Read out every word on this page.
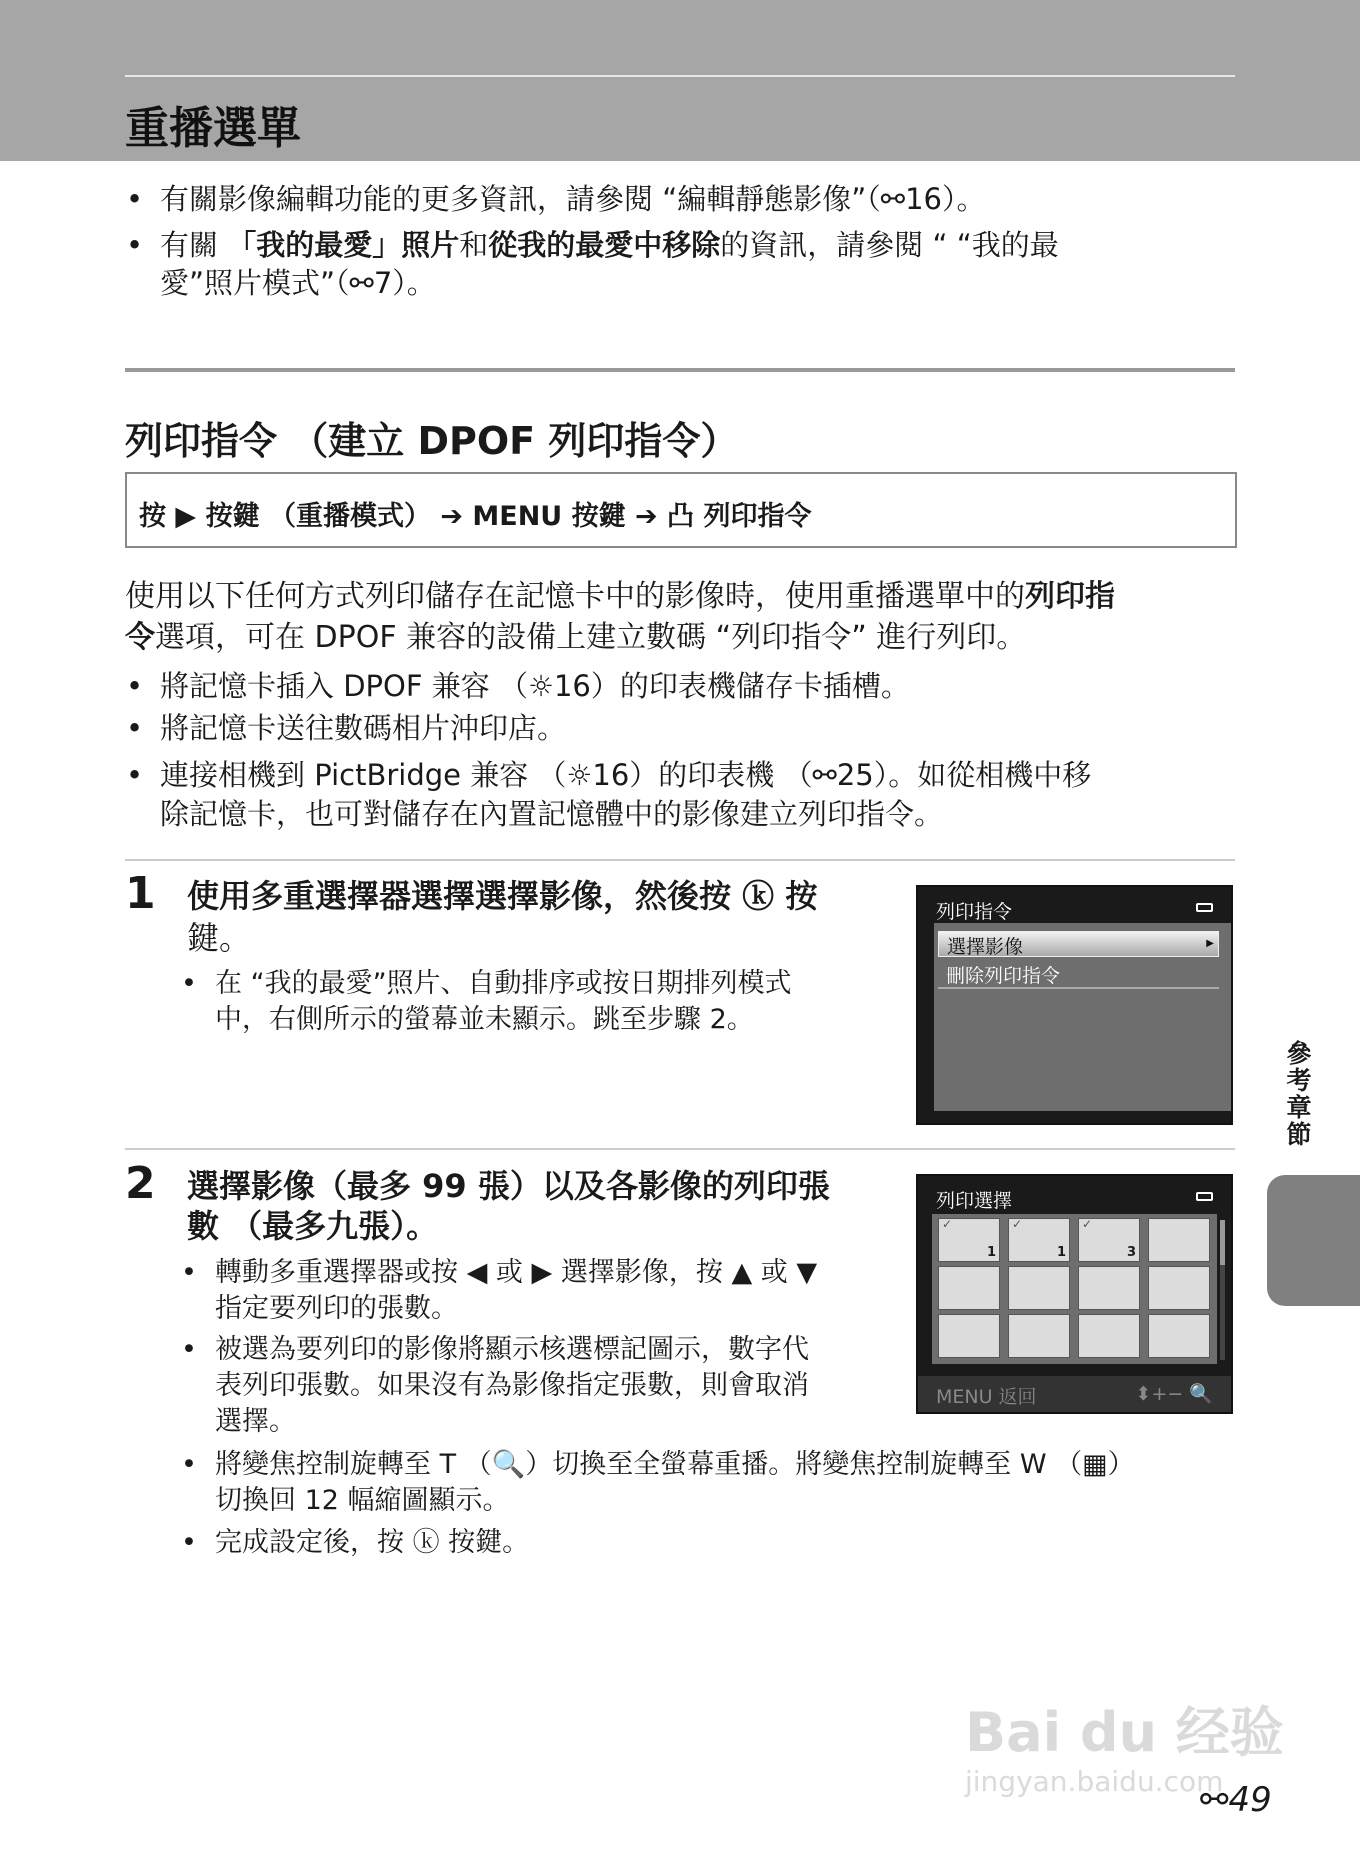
重播選單
• 有關影像編輯功能的更多資訊，請參閱 “編輯靜態影像”（⚯16）。
• 有關 「我的最愛」照片和從我的最愛中移除的資訊，請參閱 “ “我的最
愛”照片模式”（⚯7）。
列印指令 （建立 DPOF 列印指令）
按 ▶ 按鍵 （重播模式） ➔ MENU 按鍵 ➔ 凸 列印指令
使用以下任何方式列印儲存在記憶卡中的影像時，使用重播選單中的列印指
令選項，可在 DPOF 兼容的設備上建立數碼 “列印指令” 進行列印。
• 將記憶卡插入 DPOF 兼容 （☼16）的印表機儲存卡插槽。
• 將記憶卡送往數碼相片沖印店。
• 連接相機到 PictBridge 兼容 （☼16）的印表機 （⚯25）。如從相機中移
除記憶卡，也可對儲存在內置記憶體中的影像建立列印指令。
1 使用多重選擇器選擇選擇影像，然後按 ⓚ 按
鍵。
• 在 “我的最愛”照片、自動排序或按日期排列模式
中，右側所示的螢幕並未顯示。跳至步驟 2。
列印指令
選擇影像	▶
刪除列印指令
2 選擇影像（最多 99 張）以及各影像的列印張
數 （最多九張）。
• 轉動多重選擇器或按 ◀ 或 ▶ 選擇影像，按 ▲ 或 ▼
指定要列印的張數。
• 被選為要列印的影像將顯示核選標記圖示，數字代
表列印張數。如果沒有為影像指定張數，則會取消
選擇。
• 將變焦控制旋轉至 T （🔍）切換至全螢幕重播。將變焦控制旋轉至 W （▦）
切換回 12 幅縮圖顯示。
• 完成設定後，按 ⓚ 按鍵。
列印選擇
1
✓
1
✓
3
✓
MENU 返回	⬍+− 🔍
參考章節
Bai du 经验
jingyan.baidu.com
⚯49
